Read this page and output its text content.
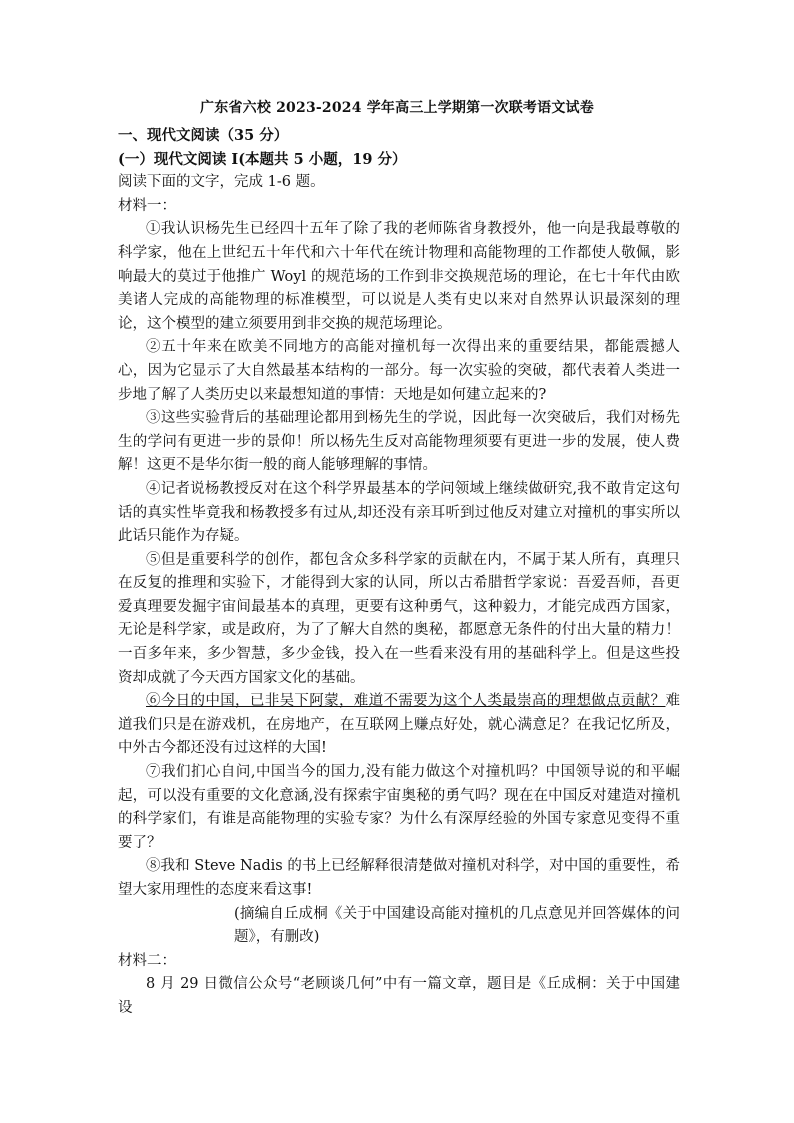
广东省六校 2023-2024 学年高三上学期第一次联考语文试卷
一、现代文阅读（35 分）
(一）现代文阅读 I(本题共 5 小题，19 分）
阅读下面的文字，完成 1-6 题。
材料一：
①我认识杨先生已经四十五年了除了我的老师陈省身教授外，他一向是我最尊敬的科学家，他在上世纪五十年代和六十年代在统计物理和高能物理的工作都使人敬佩，影响最大的莫过于他推广 Woyl 的规范场的工作到非交换规范场的理论，在七十年代由欧美诸人完成的高能物理的标准模型，可以说是人类有史以来对自然界认识最深刻的理论，这个模型的建立须要用到非交换的规范场理论。
②五十年来在欧美不同地方的高能对撞机每一次得出来的重要结果，都能震撼人心，因为它显示了大自然最基本结构的一部分。每一次实验的突破，都代表着人类进一步地了解了人类历史以来最想知道的事情：天地是如何建立起来的?
③这些实验背后的基础理论都用到杨先生的学说，因此每一次突破后，我们对杨先生的学问有更进一步的景仰！所以杨先生反对高能物理须要有更进一步的发展，使人费解！这更不是华尔街一般的商人能够理解的事情。
④记者说杨教授反对在这个科学界最基本的学问领域上继续做研究,我不敢肯定这句话的真实性毕竟我和杨教授多有过从,却还没有亲耳听到过他反对建立对撞机的事实所以此话只能作为存疑。
⑤但是重要科学的创作，都包含众多科学家的贡献在内，不属于某人所有，真理只在反复的推理和实验下，才能得到大家的认同，所以古希腊哲学家说：吾爱吾师，吾更爱真理要发掘宇宙间最基本的真理，更要有这种勇气，这种毅力，才能完成西方国家，无论是科学家，或是政府，为了了解大自然的奥秘，都愿意无条件的付出大量的精力！一百多年来，多少智慧，多少金钱，投入在一些看来没有用的基础科学上。但是这些投资却成就了今天西方国家文化的基础。
⑥今日的中国，已非吴下阿蒙，难道不需要为这个人类最崇高的理想做点贡献？难道我们只是在游戏机，在房地产，在互联网上赚点好处，就心满意足？在我记忆所及，中外古今都还没有过这样的大国!
⑦我们扪心自问,中国当今的国力,没有能力做这个对撞机吗？中国领导说的和平崛起，可以没有重要的文化意涵,没有探索宇宙奥秘的勇气吗？现在在中国反对建造对撞机的科学家们，有谁是高能物理的实验专家？为什么有深厚经验的外国专家意见变得不重要了？
⑧我和 Steve Nadis 的书上已经解释很清楚做对撞机对科学，对中国的重要性，希望大家用理性的态度来看这事!
(摘编自丘成桐《关于中国建设高能对撞机的几点意见并回答媒体的问题》，有删改)
材料二：
8 月 29 日微信公众号“老顾谈几何”中有一篇文章，题目是《丘成桐：关于中国建设
